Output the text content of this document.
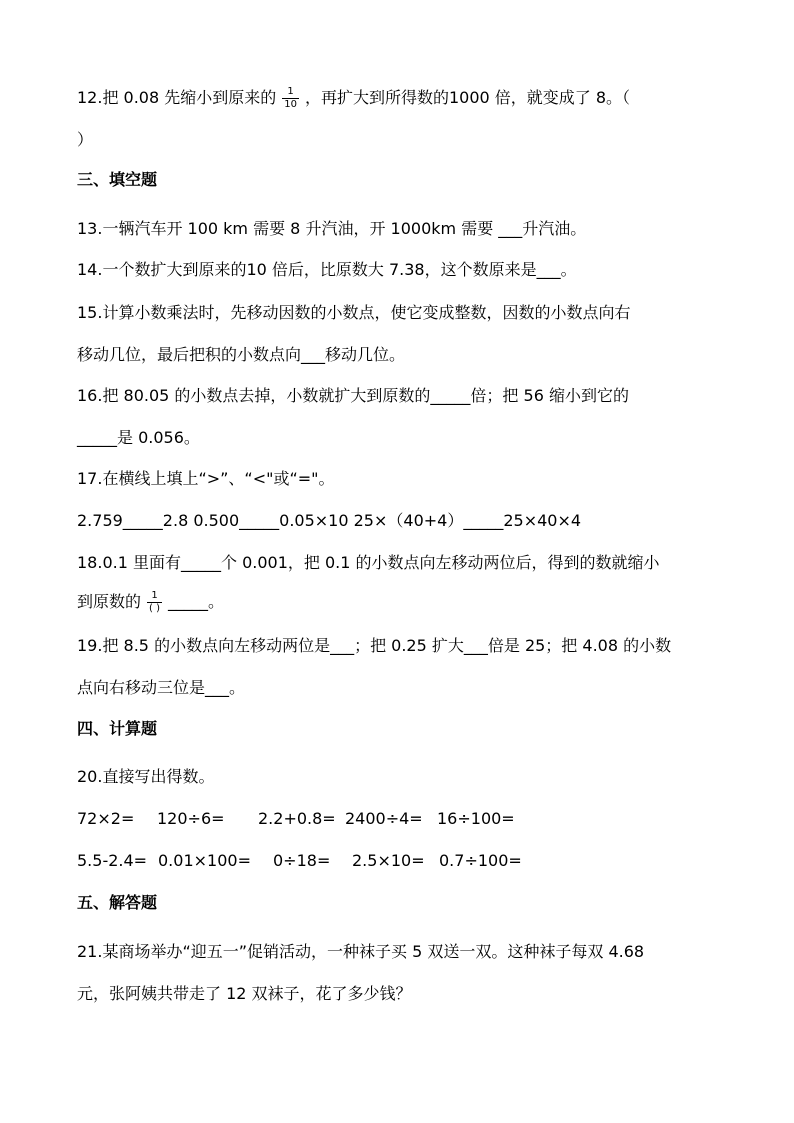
12.把 0.08 先缩小到原来的 $\frac{1}{10}$ ，再扩大到所得数的1000 倍，就变成了 8。（
）
三、填空题
13.一辆汽车开 100 km 需要 8 升汽油，开 1000km 需要 ___升汽油。
14.一个数扩大到原来的10 倍后，比原数大 7.38，这个数原来是___。
15.计算小数乘法时，先移动因数的小数点，使它变成整数，因数的小数点向右
移动几位，最后把积的小数点向___移动几位。
16.把 80.05 的小数点去掉，小数就扩大到原数的_____倍；把 56 缩小到它的
_____是 0.056。
17.在横线上填上“>”、“<"或“="。
2.759_____2.8 0.500_____0.05×10 25×（40+4）_____25×40×4
18.0.1 里面有_____个 0.001，把 0.1 的小数点向左移动两位后，得到的数就缩小
到原数的 $\frac{1}{( )}$ _____。
19.把 8.5 的小数点向左移动两位是___；把 0.25 扩大___倍是 25；把 4.08 的小数
点向右移动三位是___。
四、计算题
20.直接写出得数。
72×2= 120÷6= 2.2+0.8= 2400÷4= 16÷100=
5.5-2.4= 0.01×100= 0÷18= 2.5×10= 0.7÷100=
五、解答题
21.某商场举办“迎五一”促销活动，一种袜子买 5 双送一双。这种袜子每双 4.68
元，张阿姨共带走了 12 双袜子，花了多少钱？
